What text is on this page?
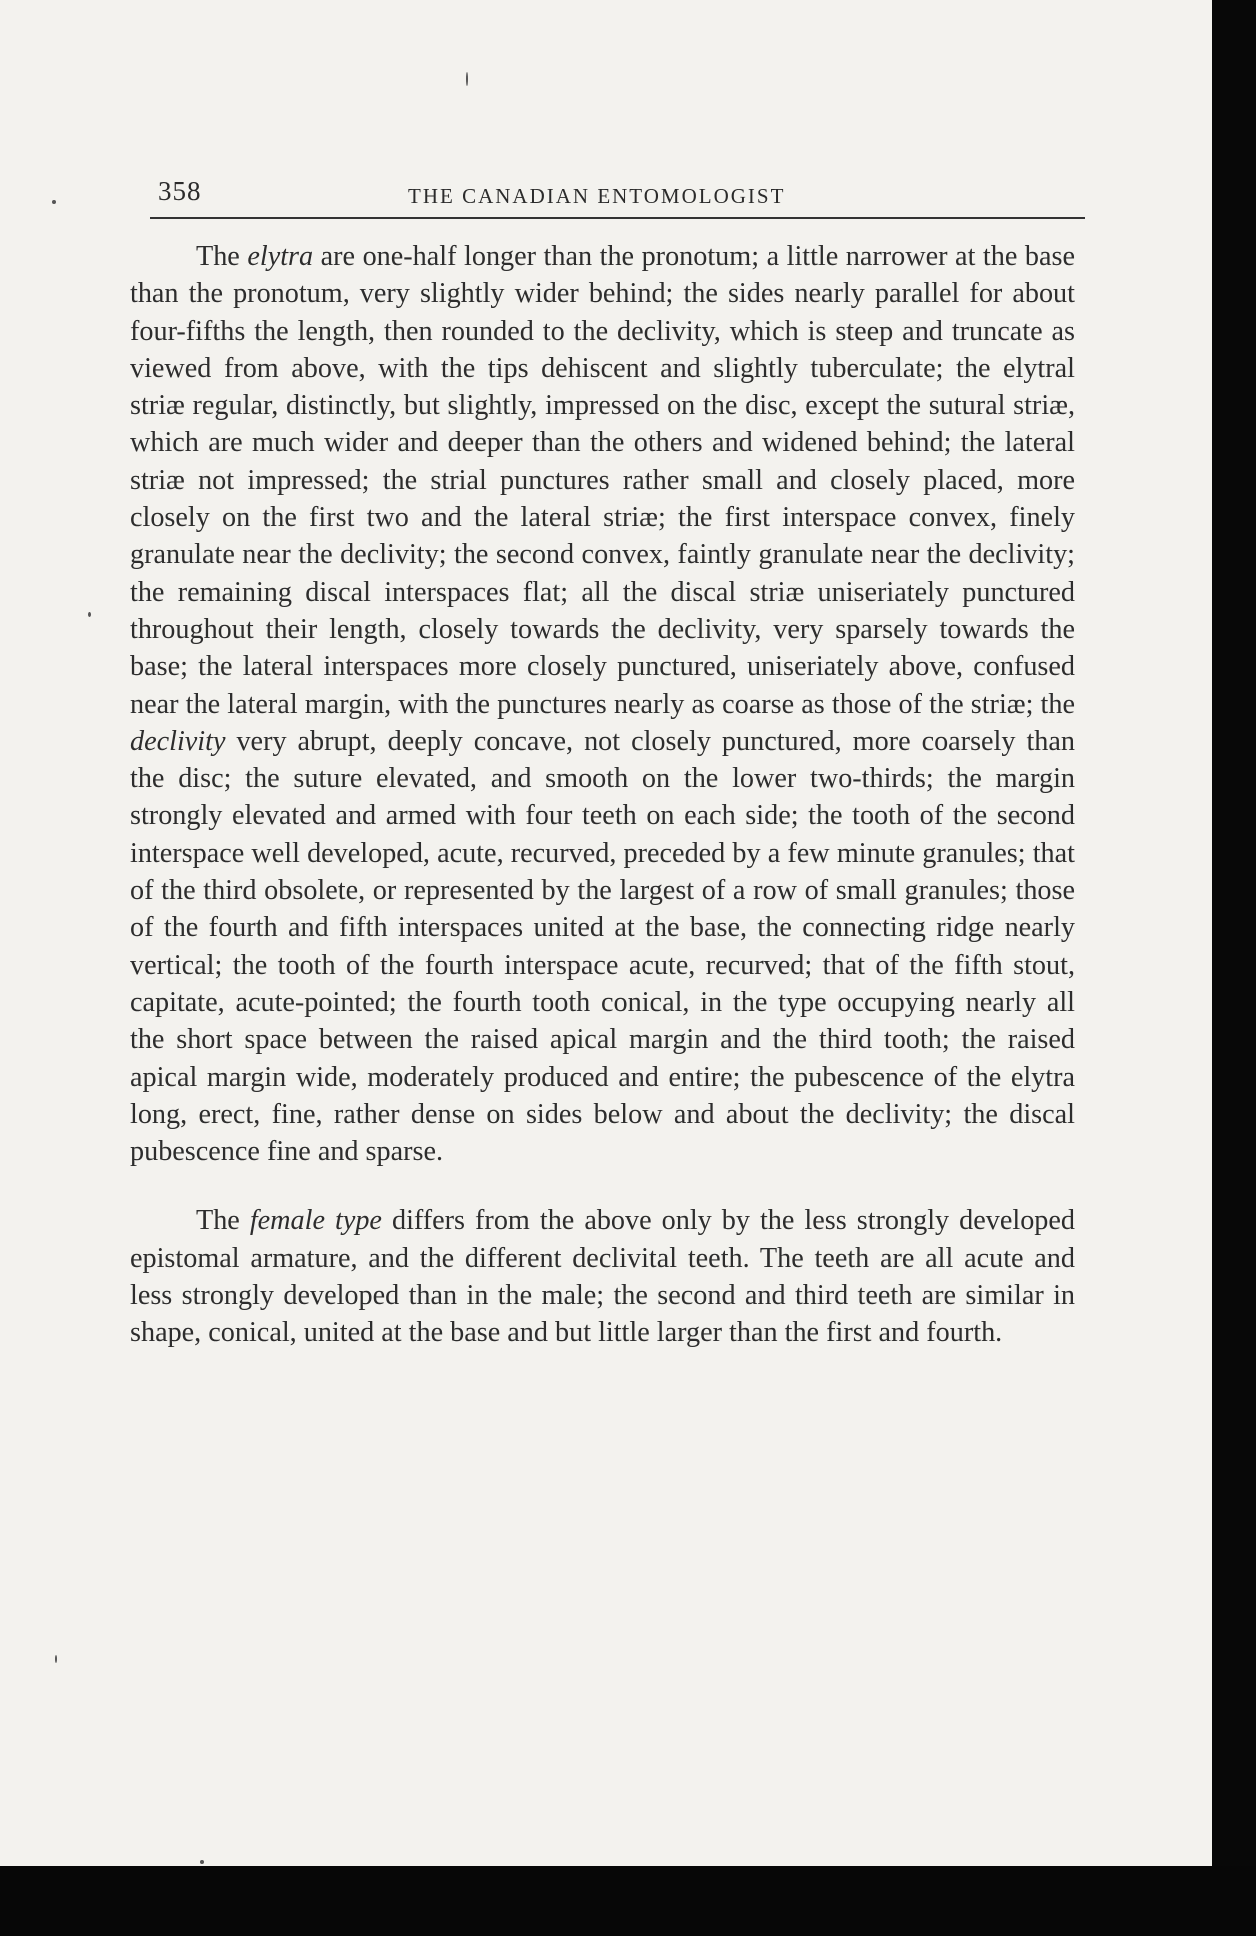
358	THE CANADIAN ENTOMOLOGIST

The elytra are one-half longer than the pronotum; a little narrower at the base than the pronotum, very slightly wider behind; the sides nearly parallel for about four-fifths the length, then rounded to the declivity, which is steep and truncate as viewed from above, with the tips dehiscent and slightly tuberculate; the elytral striæ regular, distinctly, but slightly, impressed on the disc, except the sutural striæ, which are much wider and deeper than the others and widened behind; the lateral striæ not impressed; the strial punctures rather small and closely placed, more closely on the first two and the lateral striæ; the first interspace convex, finely granulate near the declivity; the second convex, faintly granulate near the declivity; the remaining discal interspaces flat; all the discal striæ uniseriately punctured throughout their length, closely towards the declivity, very sparsely towards the base; the lateral interspaces more closely punctured, uniseriately above, confused near the lateral margin, with the punctures nearly as coarse as those of the striæ; the declivity very abrupt, deeply concave, not closely punctured, more coarsely than the disc; the suture elevated, and smooth on the lower two-thirds; the margin strongly elevated and armed with four teeth on each side; the tooth of the second interspace well developed, acute, recurved, preceded by a few minute granules; that of the third obsolete, or represented by the largest of a row of small granules; those of the fourth and fifth interspaces united at the base, the connecting ridge nearly vertical; the tooth of the fourth interspace acute, recurved; that of the fifth stout, capitate, acute-pointed; the fourth tooth conical, in the type occupying nearly all the short space between the raised apical margin and the third tooth; the raised apical margin wide, moderately produced and entire; the pubescence of the elytra long, erect, fine, rather dense on sides below and about the declivity; the discal pubescence fine and sparse.

The female type differs from the above only by the less strongly developed epistomal armature, and the different declivital teeth. The teeth are all acute and less strongly developed than in the male; the second and third teeth are similar in shape, conical, united at the base and but little larger than the first and fourth.
